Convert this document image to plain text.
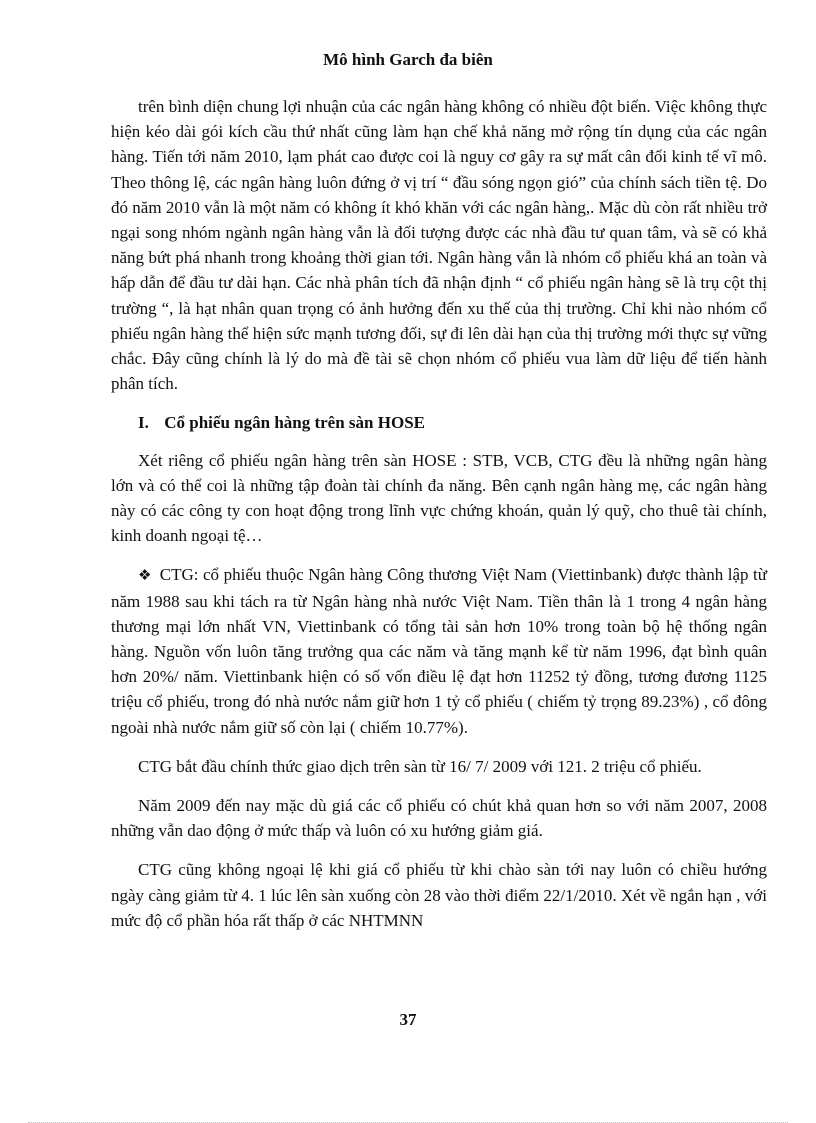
Mô hình Garch đa biên

trên bình diện chung lợi nhuận của các ngân hàng không có nhiều đột biến. Việc không thực hiện kéo dài gói kích cầu thứ nhất cũng làm hạn chế khả năng mở rộng tín dụng của các ngân hàng. Tiến tới năm 2010, lạm phát cao được coi là nguy cơ gây ra sự mất cân đối kinh tế vĩ mô. Theo thông lệ, các ngân hàng luôn đứng ở vị trí “ đầu sóng ngọn gió” của chính sách tiền tệ. Do đó năm 2010 vẫn là một năm có không ít khó khăn với các ngân hàng,. Mặc dù còn rất nhiều trở ngại song nhóm ngành ngân hàng vẫn là đối tượng được các nhà đầu tư quan tâm, và sẽ có khả năng bứt phá nhanh trong khoảng thời gian tới. Ngân hàng vẫn là nhóm cổ phiếu khá an toàn và hấp dẫn để đầu tư dài hạn. Các nhà phân tích đã nhận định “ cổ phiếu ngân hàng sẽ là trụ cột thị trường “, là hạt nhân quan trọng có ảnh hưởng đến xu thế của thị trường. Chỉ khi nào nhóm cổ phiếu ngân hàng thể hiện sức mạnh tương đối, sự đi lên dài hạn của thị trường mới thực sự vững chắc. Đây cũng chính là lý do mà đề tài sẽ chọn nhóm cổ phiếu vua làm dữ liệu để tiến hành phân tích.

I. Cổ phiếu ngân hàng trên sàn HOSE

Xét riêng cổ phiếu ngân hàng trên sàn HOSE : STB, VCB, CTG đều là những ngân hàng lớn và có thể coi là những tập đoàn tài chính đa năng. Bên cạnh ngân hàng mẹ, các ngân hàng này có các công ty con hoạt động trong lĩnh vực chứng khoán, quản lý quỹ, cho thuê tài chính, kinh doanh ngoại tệ…

❖ CTG: cổ phiếu thuộc Ngân hàng Công thương Việt Nam (Viettinbank) được thành lập từ năm 1988 sau khi tách ra từ Ngân hàng nhà nước Việt Nam. Tiền thân là 1 trong 4 ngân hàng thương mại lớn nhất VN, Viettinbank có tổng tài sản hơn 10% trong toàn bộ hệ thống ngân hàng. Nguồn vốn luôn tăng trưởng qua các năm và tăng mạnh kể từ năm 1996, đạt bình quân hơn 20%/ năm. Viettinbank hiện có số vốn điều lệ đạt hơn 11252 tỷ đồng, tương đương 1125 triệu cổ phiếu, trong đó nhà nước nắm giữ hơn 1 tỷ cổ phiếu ( chiếm tỷ trọng 89.23%) , cổ đông ngoài nhà nước nắm giữ số còn lại ( chiếm 10.77%).

CTG bắt đầu chính thức giao dịch trên sàn từ 16/ 7/ 2009 với 121. 2 triệu cổ phiếu.

Năm 2009 đến nay mặc dù giá các cổ phiếu có chút khả quan hơn so với năm 2007, 2008 những vẫn dao động ở mức thấp và luôn có xu hướng giảm giá.

CTG cũng không ngoại lệ khi giá cổ phiếu từ khi chào sàn tới nay luôn có chiều hướng ngày càng giảm từ 4. 1 lúc lên sàn xuống còn 28 vào thời điểm 22/1/2010. Xét về ngắn hạn , với mức độ cổ phần hóa rất thấp ở các NHTMNN

37
